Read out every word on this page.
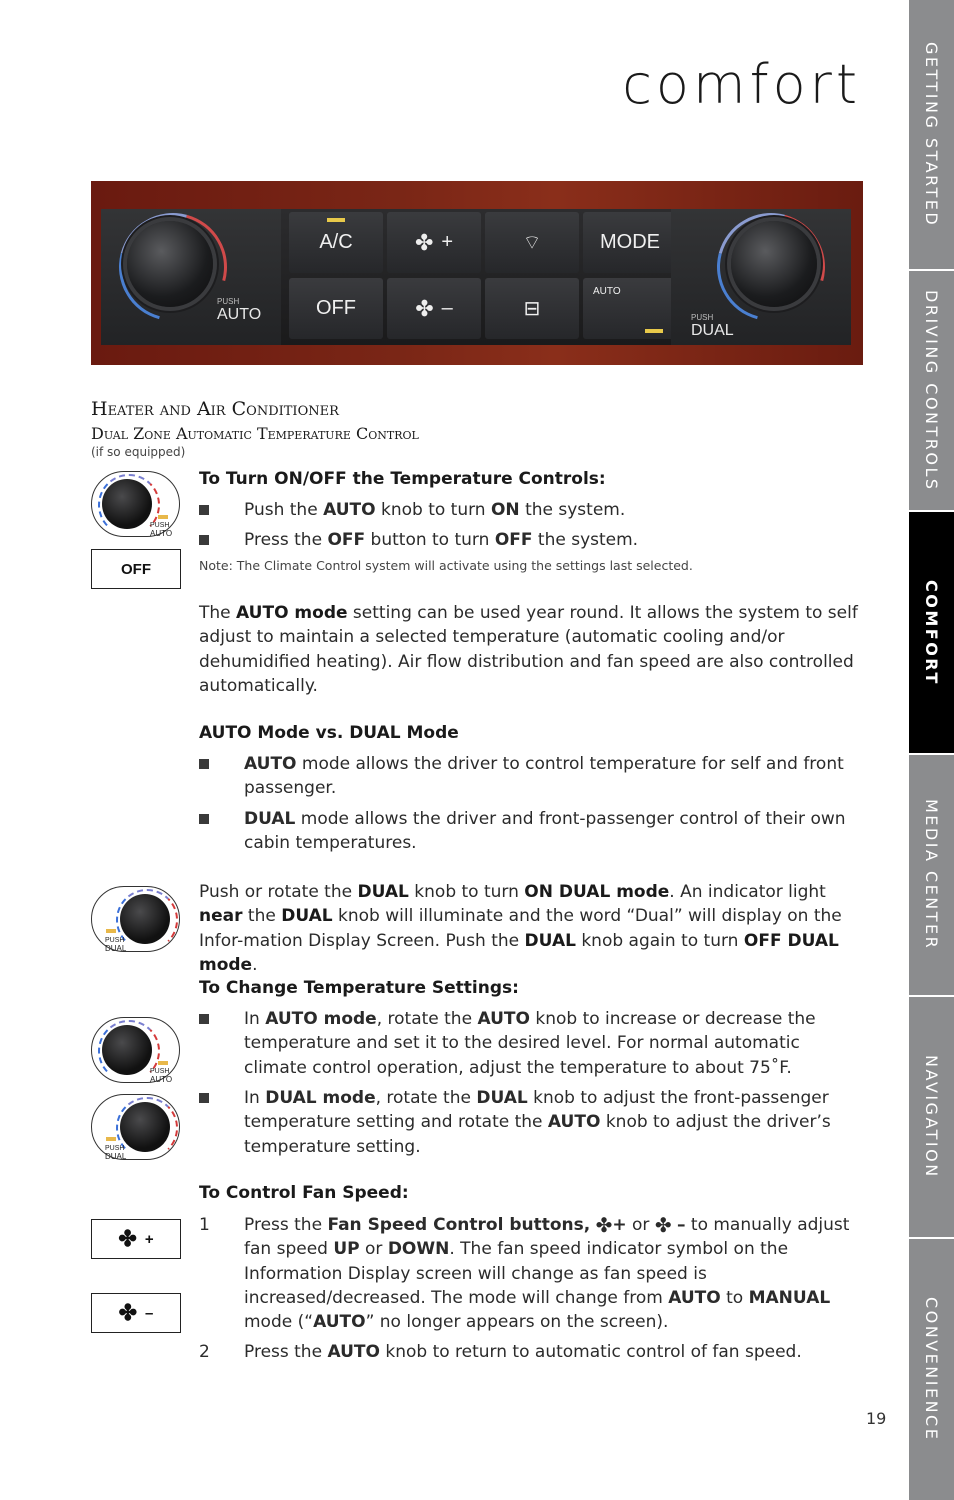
comfort	GETTING STARTED
DRIVING CONTROLS
COMFORT
MEDIA CENTER
NAVIGATION
CONVENIENCE
PUSH
AUTO
A/C	✤ +	⌔	MODE
OFF	✤ –	⊟
AUTO
PUSH
DUAL
Heater and Air Conditioner
Dual Zone Automatic Temperature Control
(if so equipped)
PUSH
AUTO
OFF
To Turn ON/OFF the Temperature Controls:
Push the AUTO knob to turn ON the system.
Press the OFF button to turn OFF the system.
Note: The Climate Control system will activate using the settings last selected.
The AUTO mode setting can be used year round. It allows the system to self adjust to maintain a selected temperature (automatic cooling and/or dehumidified heating). Air flow distribution and fan speed are also controlled automatically.
AUTO Mode vs. DUAL Mode
AUTO mode allows the driver to control temperature for self and front passenger.
DUAL mode allows the driver and front-passenger control of their own cabin temperatures.
PUSH
DUAL
Push or rotate the DUAL knob to turn ON DUAL mode. An indicator light near the DUAL knob will illuminate and the word “Dual” will display on the Infor-mation Display Screen. Push the DUAL knob again to turn OFF DUAL mode.
To Change Temperature Settings:
PUSH
AUTO
PUSH
DUAL
In AUTO mode, rotate the AUTO knob to increase or decrease the temperature and set it to the desired level. For normal automatic climate control operation, adjust the temperature to about 75˚F.
In DUAL mode, rotate the DUAL knob to adjust the front-passenger temperature setting and rotate the AUTO knob to adjust the driver’s temperature setting.
To Control Fan Speed:
✤ +
✤ –
1 Press the Fan Speed Control buttons, ✤+ or ✤ – to manually adjust fan speed UP or DOWN. The fan speed indicator symbol on the Information Display screen will change as fan speed is increased/decreased. The mode will change from AUTO to MANUAL mode (“AUTO” no longer appears on the screen).
2 Press the AUTO knob to return to automatic control of fan speed.
19
